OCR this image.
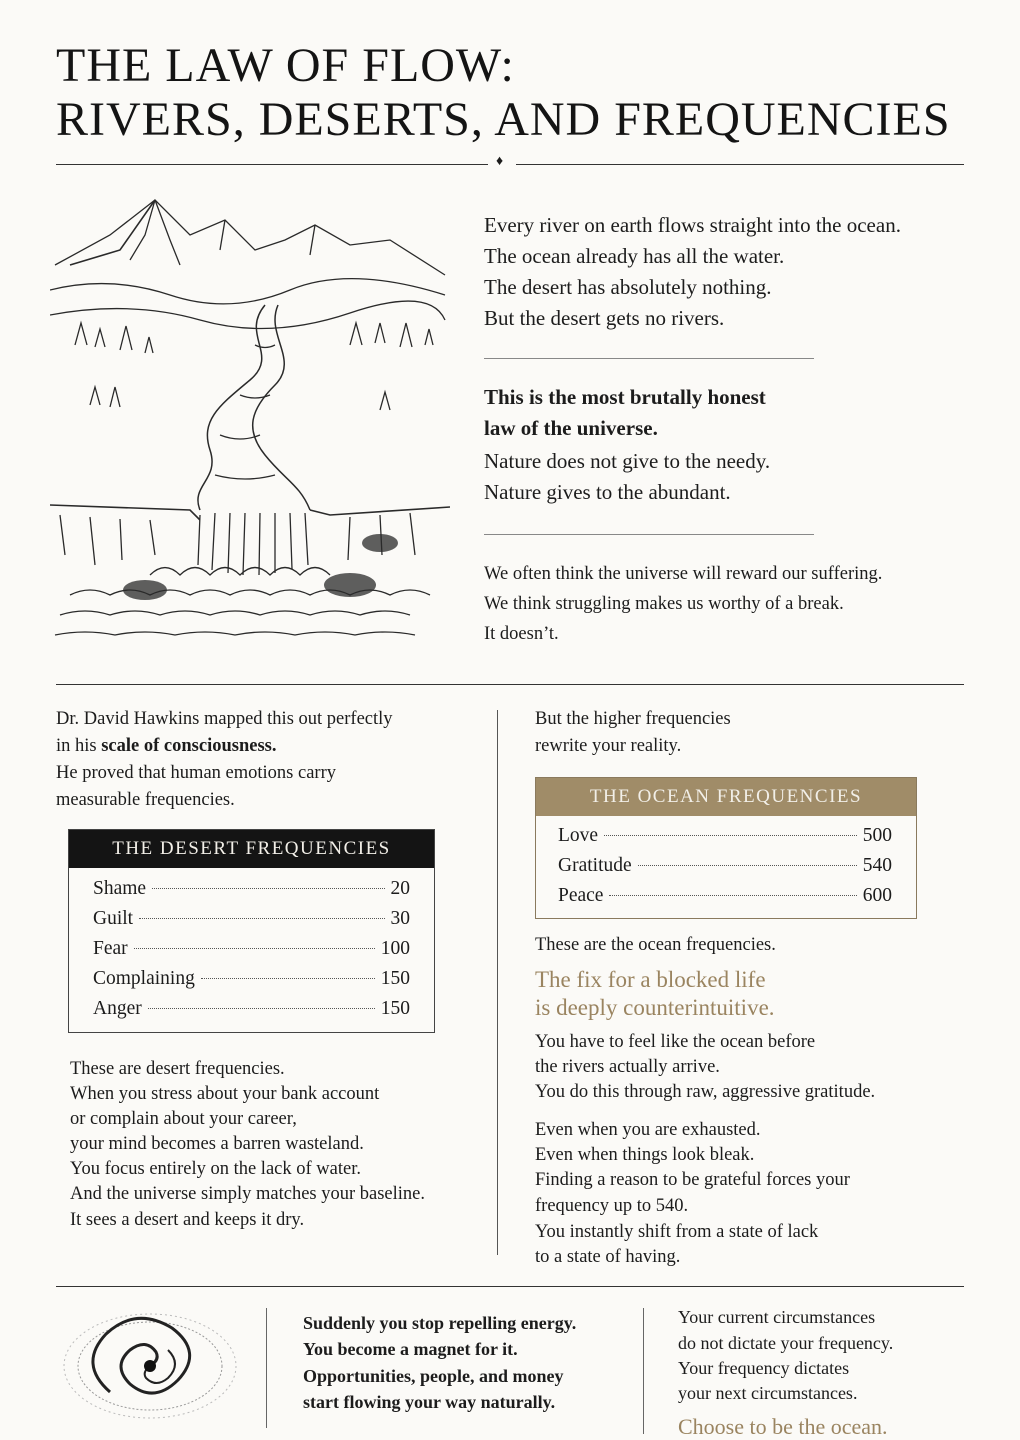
THE LAW OF FLOW:
RIVERS, DESERTS, AND FREQUENCIES
♦
Every river on earth flows straight into the ocean.
The ocean already has all the water.
The desert has absolutely nothing.
But the desert gets no rivers.
This is the most brutally honest
law of the universe.
Nature does not give to the needy.
Nature gives to the abundant.
We often think the universe will reward our suffering.
We think struggling makes us worthy of a break.
It doesn’t.
Dr. David Hawkins mapped this out perfectly
in his scale of consciousness.
He proved that human emotions carry
measurable frequencies.
THE DESERT FREQUENCIES
Shame	20
Guilt	30
Fear	100
Complaining	150
Anger	150
These are desert frequencies.
When you stress about your bank account
or complain about your career,
your mind becomes a barren wasteland.
You focus entirely on the lack of water.
And the universe simply matches your baseline.
It sees a desert and keeps it dry.
But the higher frequencies
rewrite your reality.
THE OCEAN FREQUENCIES
Love	500
Gratitude	540
Peace	600
These are the ocean frequencies.
The fix for a blocked life
is deeply counterintuitive.
You have to feel like the ocean before
the rivers actually arrive.
You do this through raw, aggressive gratitude.
Even when you are exhausted.
Even when things look bleak.
Finding a reason to be grateful forces your
frequency up to 540.
You instantly shift from a state of lack
to a state of having.
Suddenly you stop repelling energy.
You become a magnet for it.
Opportunities, people, and money
start flowing your way naturally.
Your current circumstances
do not dictate your frequency.
Your frequency dictates
your next circumstances.
Choose to be the ocean.
